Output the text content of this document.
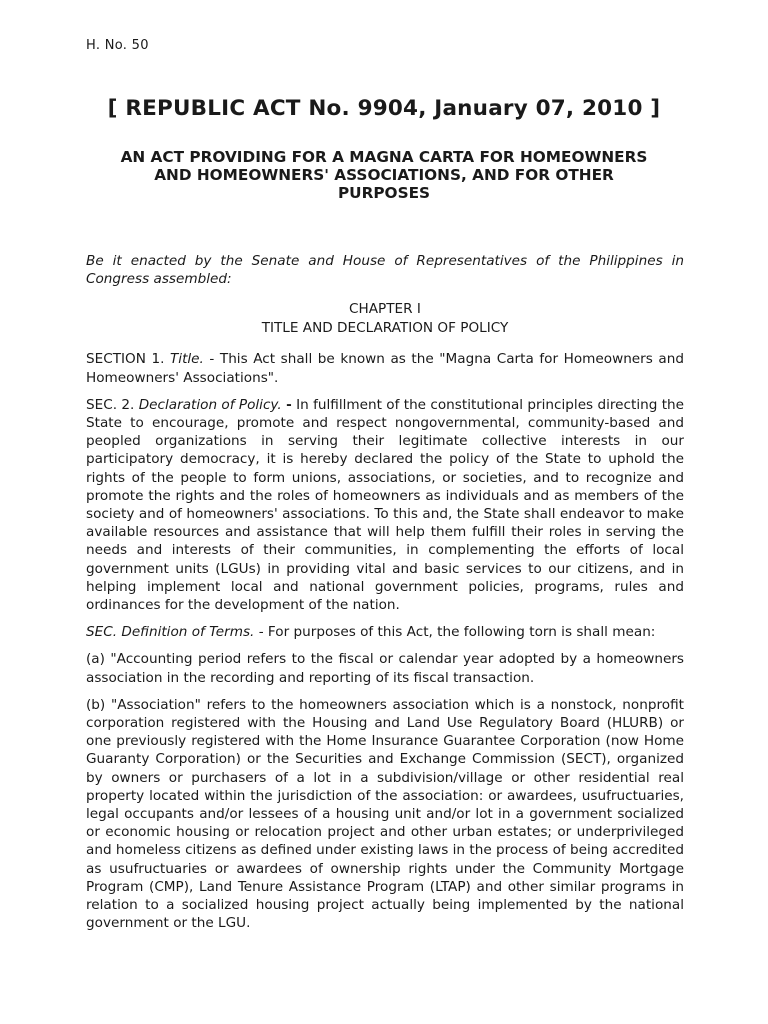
H. No. 50
[ REPUBLIC ACT No. 9904, January 07, 2010 ]
AN ACT PROVIDING FOR A MAGNA CARTA FOR HOMEOWNERS
AND HOMEOWNERS' ASSOCIATIONS, AND FOR OTHER
PURPOSES

Be it enacted by the Senate and House of Representatives of the Philippines in Congress assembled:

CHAPTER I
TITLE AND DECLARATION OF POLICY

SECTION 1. Title. - This Act shall be known as the "Magna Carta for Homeowners and Homeowners' Associations".

SEC. 2. Declaration of Policy. - In fulfillment of the constitutional principles directing the State to encourage, promote and respect nongovernmental, community-based and peopled organizations in serving their legitimate collective interests in our participatory democracy, it is hereby declared the policy of the State to uphold the rights of the people to form unions, associations, or societies, and to recognize and promote the rights and the roles of homeowners as individuals and as members of the society and of homeowners' associations. To this and, the State shall endeavor to make available resources and assistance that will help them fulfill their roles in serving the needs and interests of their communities, in complementing the efforts of local government units (LGUs) in providing vital and basic services to our citizens, and in helping implement local and national government policies, programs, rules and ordinances for the development of the nation.

SEC. Definition of Terms. - For purposes of this Act, the following torn is shall mean:

(a) "Accounting period refers to the fiscal or calendar year adopted by a homeowners association in the recording and reporting of its fiscal transaction.

(b) "Association" refers to the homeowners association which is a nonstock, nonprofit corporation registered with the Housing and Land Use Regulatory Board (HLURB) or one previously registered with the Home Insurance Guarantee Corporation (now Home Guaranty Corporation) or the Securities and Exchange Commission (SECT), organized by owners or purchasers of a lot in a subdivision/village or other residential real property located within the jurisdiction of the association: or awardees, usufructuaries, legal occupants and/or lessees of a housing unit and/or lot in a government socialized or economic housing or relocation project and other urban estates; or underprivileged and homeless citizens as defined under existing laws in the process of being accredited as usufructuaries or awardees of ownership rights under the Community Mortgage Program (CMP), Land Tenure Assistance Program (LTAP) and other similar programs in relation to a socialized housing project actually being implemented by the national government or the LGU.
